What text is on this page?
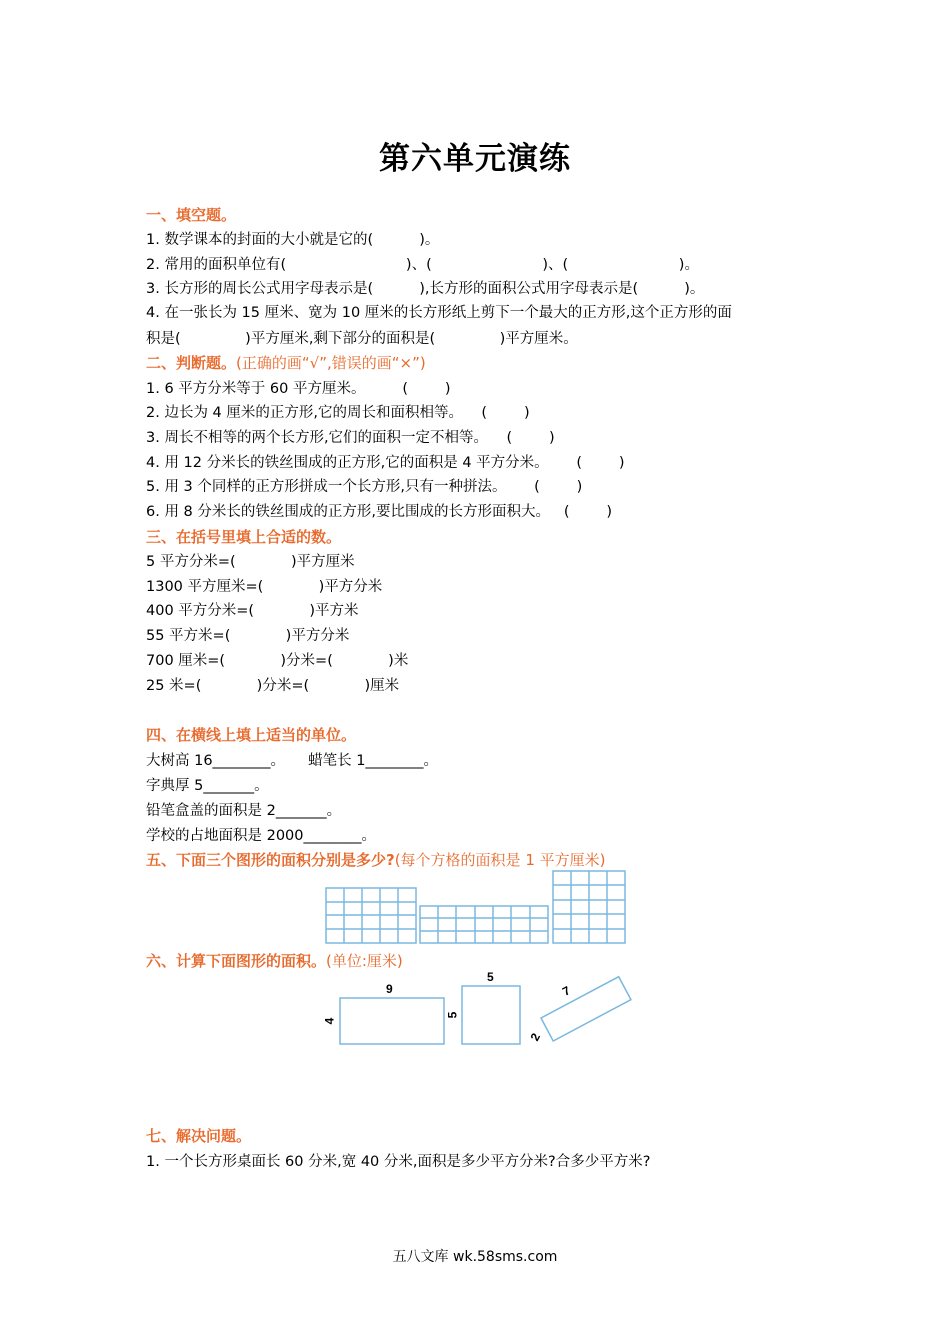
第六单元演练
一、填空题。
1. 数学课本的封面的大小就是它的(          )。
2. 常用的面积单位有(                          )、(                        )、(                        )。
3. 长方形的周长公式用字母表示是(          ),长方形的面积公式用字母表示是(          )。
4. 在一张长为 15 厘米、宽为 10 厘米的长方形纸上剪下一个最大的正方形,这个正方形的面
积是(              )平方厘米,剩下部分的面积是(              )平方厘米。
二、判断题。(正确的画“√”,错误的画“×”)
1. 6 平方分米等于 60 平方厘米。        (        )
2. 边长为 4 厘米的正方形,它的周长和面积相等。    (        )
3. 周长不相等的两个长方形,它们的面积一定不相等。    (        )
4. 用 12 分米长的铁丝围成的正方形,它的面积是 4 平方分米。      (        )
5. 用 3 个同样的正方形拼成一个长方形,只有一种拼法。      (        )
6. 用 8 分米长的铁丝围成的正方形,要比围成的长方形面积大。   (        )
三、在括号里填上合适的数。
5 平方分米=(            )平方厘米
1300 平方厘米=(            )平方分米
400 平方分米=(            )平方米
55 平方米=(            )平方分米
700 厘米=(            )分米=(            )米
25 米=(            )分米=(            )厘米
四、在横线上填上适当的单位。
大树高 16________。     蜡笔长 1________。
字典厚 5_______。
铅笔盒盖的面积是 2_______。
学校的占地面积是 2000________。
五、下面三个图形的面积分别是多少?(每个方格的面积是 1 平方厘米)
六、计算下面图形的面积。(单位:厘米)
9
4
5
5
7
2
七、解决问题。
1. 一个长方形桌面长 60 分米,宽 40 分米,面积是多少平方分米?合多少平方米?
五八文库 wk.58sms.com
